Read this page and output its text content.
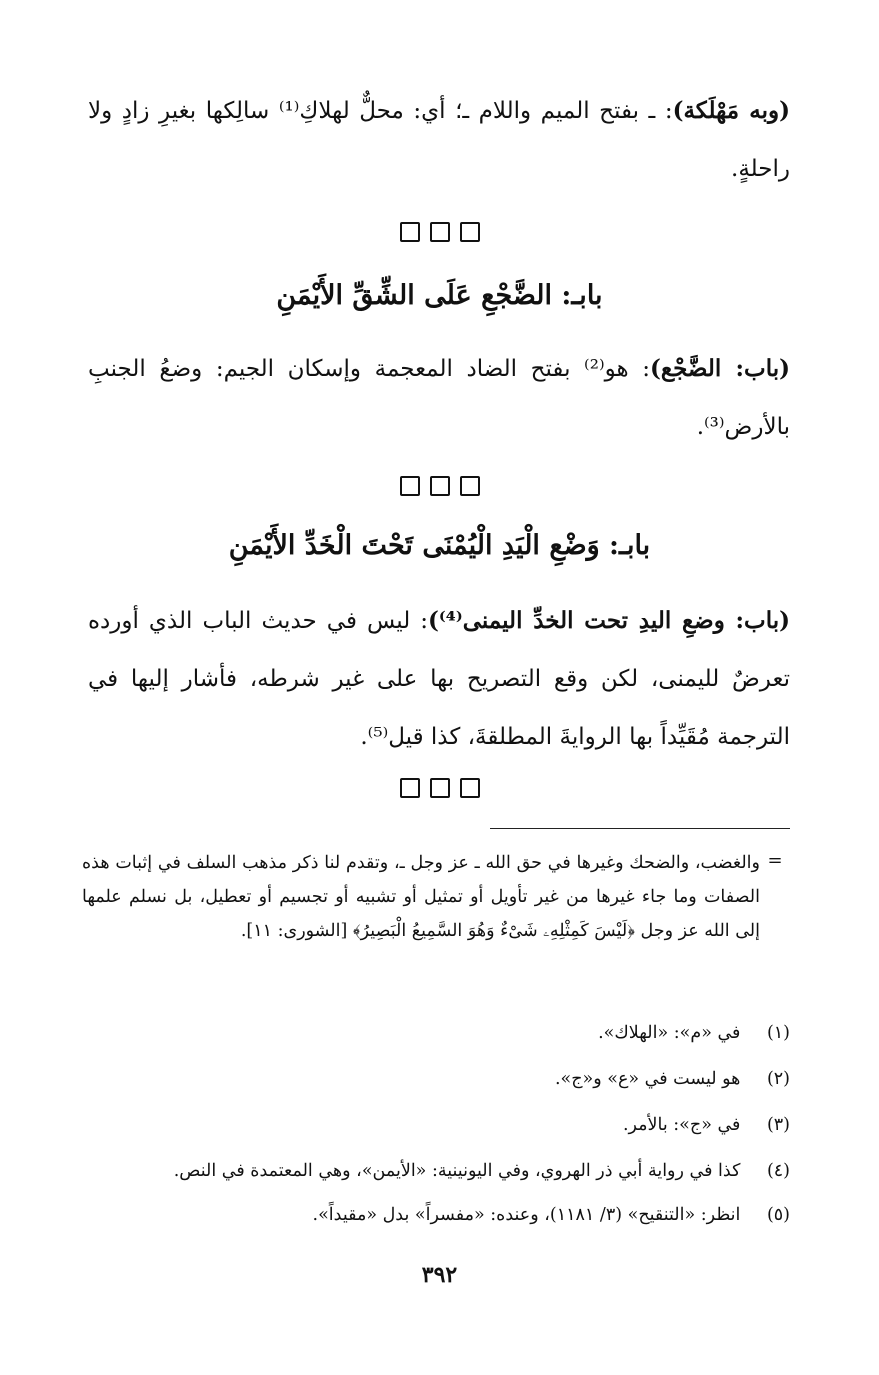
(وبه مَهْلَكة): ـ بفتح الميم واللام ـ؛ أي: محلٌّ لهلاكِ⁽¹⁾ سالِكها بغيرِ زادٍ ولا راحلةٍ.
بابـ: الضَّجْعِ عَلَى الشِّقِّ الأَيْمَنِ
(باب: الضَّجْع): هو⁽²⁾ بفتح الضاد المعجمة وإسكان الجيم: وضعُ الجنبِ بالأرض⁽³⁾.
بابـ: وَضْعِ الْيَدِ الْيُمْنَى تَحْتَ الْخَدِّ الأَيْمَنِ
(باب: وضعِ اليدِ تحت الخدِّ اليمنى⁽⁴⁾): ليس في حديث الباب الذي أورده تعرضٌ لليمنى، لكن وقع التصريح بها على غير شرطه، فأشار إليها في الترجمة مُقَيِّداً بها الروايةَ المطلقةَ، كذا قيل⁽⁵⁾.
=
والغضب، والضحك وغيرها في حق الله ـ عز وجل ـ، وتقدم لنا ذكر مذهب السلف في إثبات هذه الصفات وما جاء غيرها من غير تأويل أو تمثيل أو تشبيه أو تجسيم أو تعطيل، بل نسلم علمها إلى الله عز وجل ﴿لَيْسَ كَمِثْلِهِۦ شَىْءٌ وَهُوَ السَّمِيعُ الْبَصِيرُ﴾ [الشورى: ١١].
(١) في «م»: «الهلاك».
(٢) هو ليست في «ع» و«ج».
(٣) في «ج»: بالأمر.
(٤) كذا في رواية أبي ذر الهروي، وفي اليونينية: «الأيمن»، وهي المعتمدة في النص.
(٥) انظر: «التنقيح» (٣/ ١١٨١)، وعنده: «مفسراً» بدل «مقيداً».
٣٩٢
